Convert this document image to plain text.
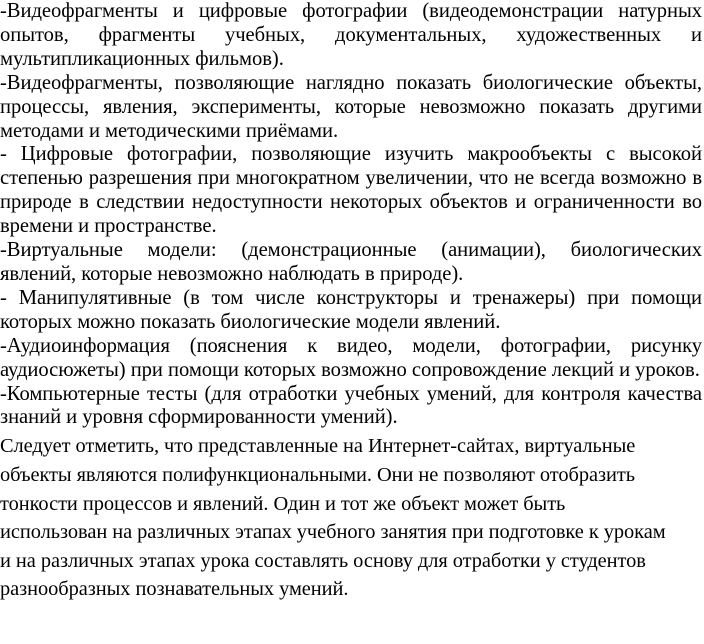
-Видеофрагменты и цифровые фотографии (видеодемонстрации натурных опытов, фрагменты учебных, документальных, художественных и мультипликационных фильмов).

-Видеофрагменты, позволяющие наглядно показать биологические объекты, процессы, явления, эксперименты, которые невозможно показать другими методами и методическими приёмами.

- Цифровые фотографии, позволяющие изучить макрообъекты с высокой степенью разрешения при многократном увеличении, что не всегда возможно в природе в следствии недоступности некоторых объектов и ограниченности во времени и пространстве.

-Виртуальные модели: (демонстрационные (анимации), биологических явлений, которые невозможно наблюдать в природе).

- Манипулятивные (в том числе конструкторы и тренажеры) при помощи которых можно показать биологические модели явлений.

-Аудиоинформация (пояснения к видео, модели, фотографии, рисунку аудиосюжеты) при помощи которых возможно сопровождение лекций и уроков.

-Компьютерные тесты (для отработки учебных умений, для контроля качества знаний и уровня сформированности умений).

Следует отметить, что представленные на Интернет-сайтах, виртуальные
объекты являются полифункциональными. Они не позволяют отобразить
тонкости процессов и явлений. Один и тот же объект может быть
использован на различных этапах учебного занятия при подготовке к урокам
и на различных этапах урока составлять основу для отработки у студентов
разнообразных познавательных умений.
